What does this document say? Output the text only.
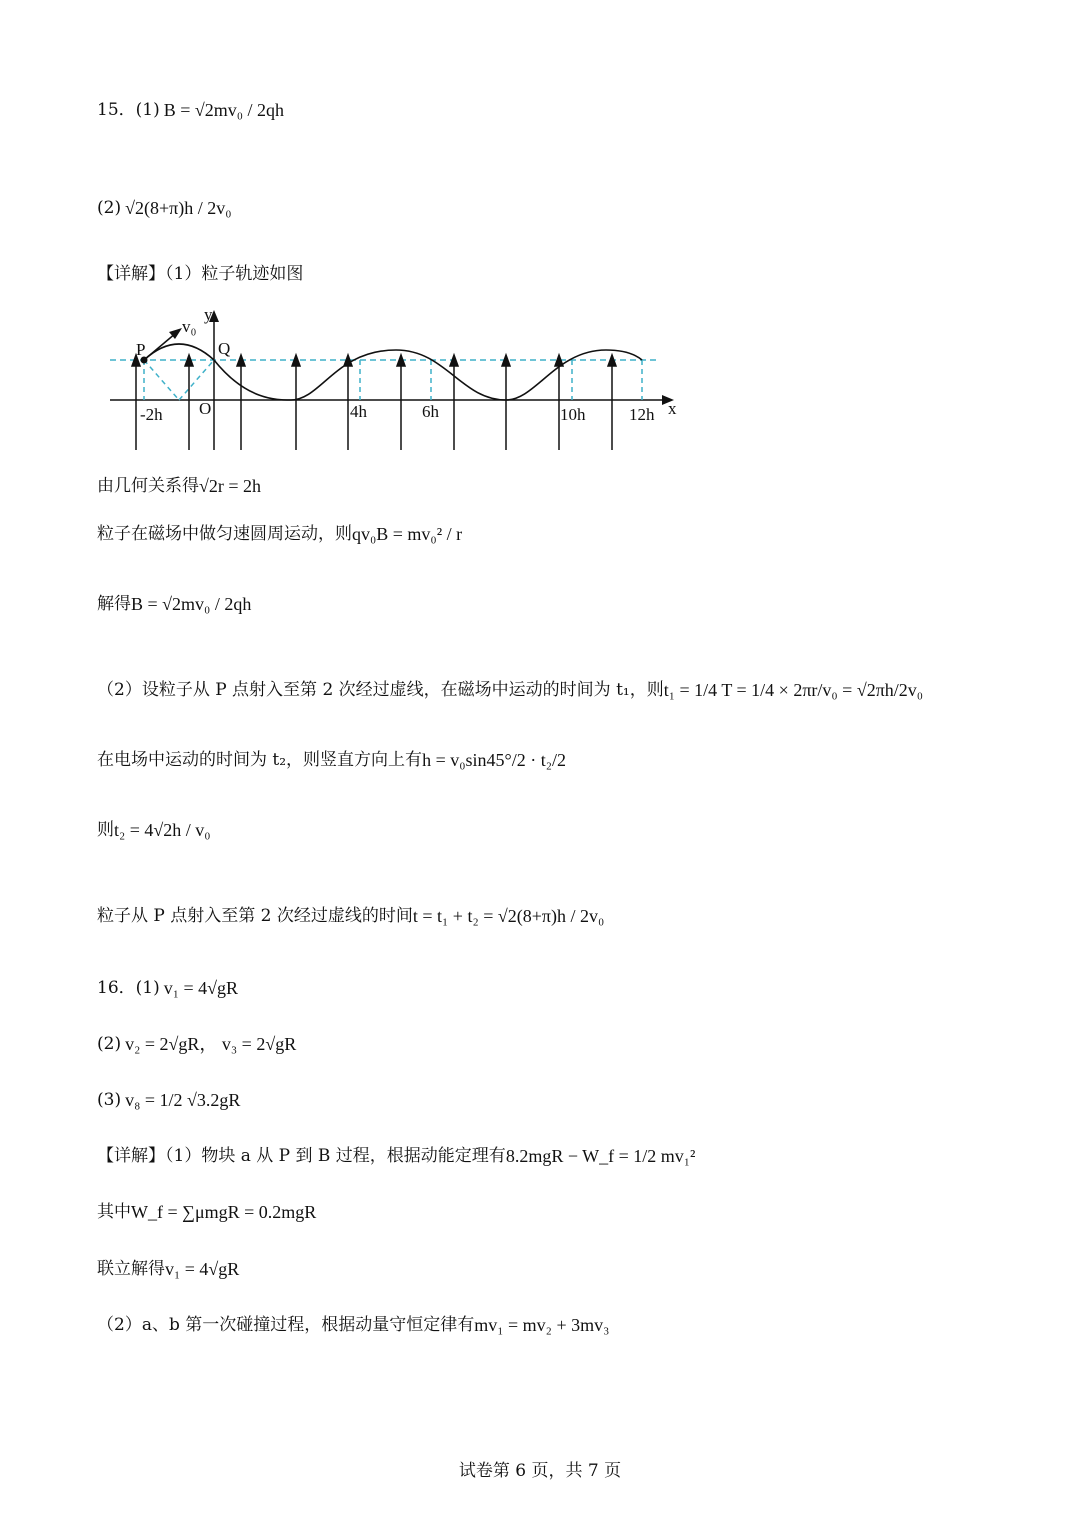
15． (1) B = √2mv₀ / 2qh
(2) √2(8+π)h / 2v₀
【详解】（1）粒子轨迹如图
y
x
P	Q
O
v₀
-2h	4h	6h	10h	12h
由几何关系得 √2r = 2h
粒子在磁场中做匀速圆周运动，则 qv₀B = mv₀² / r
解得 B = √2mv₀ / 2qh
（2）设粒子从 P 点射入至第 2 次经过虚线，在磁场中运动的时间为 t₁，则 t₁ = 1/4 T = 1/4 × 2πr/v₀ = √2πh/2v₀
在电场中运动的时间为 t₂，则竖直方向上有 h = v₀sin45°/2 · t₂/2
则 t₂ = 4√2h / v₀
粒子从 P 点射入至第 2 次经过虚线的时间 t = t₁ + t₂ = √2(8+π)h / 2v₀
16． (1) v₁ = 4√gR
(2) v₂ = 2√gR， v₃ = 2√gR
(3) v₈ = 1/2 √3.2gR
【详解】（1）物块 a 从 P 到 B 过程，根据动能定理有 8.2mgR − W_f = 1/2 mv₁²
其中 W_f = ∑μmgR = 0.2mgR
联立解得 v₁ = 4√gR
（2）a、b 第一次碰撞过程，根据动量守恒定律有 mv₁ = mv₂ + 3mv₃
试卷第 6 页，共 7 页
